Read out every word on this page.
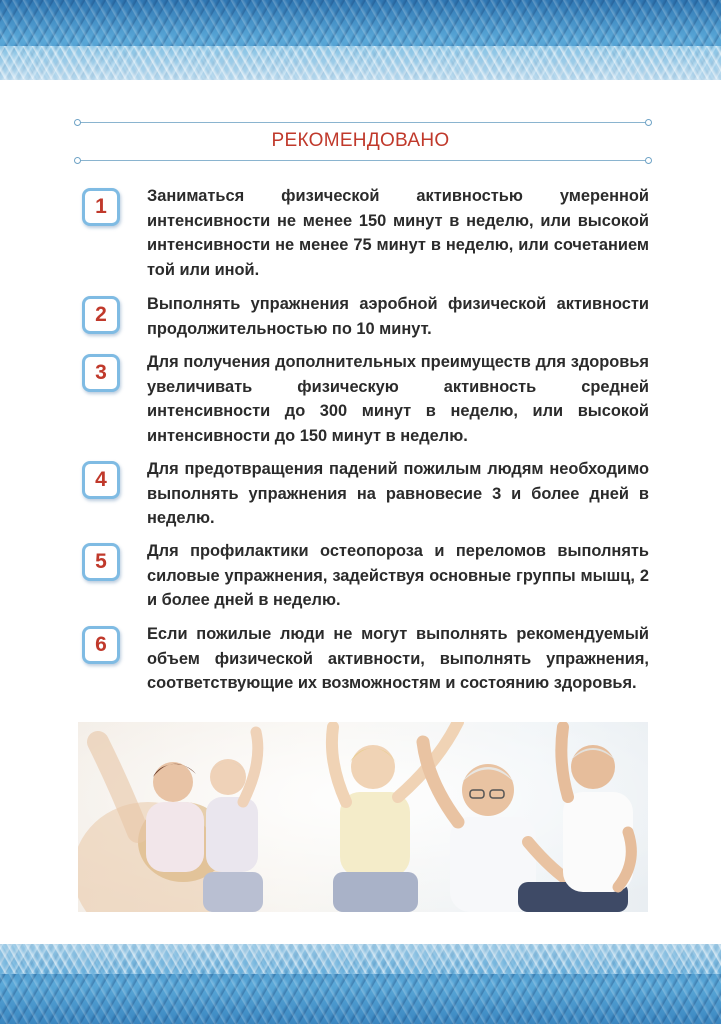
РЕКОМЕНДОВАНО
1	Заниматься физической активностью умеренной интенсивности не менее 150 минут в неделю, или высокой интенсивности не менее 75 минут в неделю, или сочетанием той или иной.
2	Выполнять упражнения аэробной физической активности продолжительностью по 10 минут.
3	Для получения дополнительных преимуществ для здоровья увеличивать физическую активность средней интенсивности до 300 минут в неделю, или высокой интенсивности до 150 минут в неделю.
4	Для предотвращения падений пожилым людям необходимо выполнять упражнения на равновесие 3 и более дней в неделю.
5	Для профилактики остеопороза и переломов выполнять силовые упражнения, задействуя основные группы мышц, 2 и более дней в неделю.
6	Если пожилые люди не могут выполнять рекомендуемый объем физической активности, выполнять упражнения, соответствующие их возможностям и состоянию здоровья.
